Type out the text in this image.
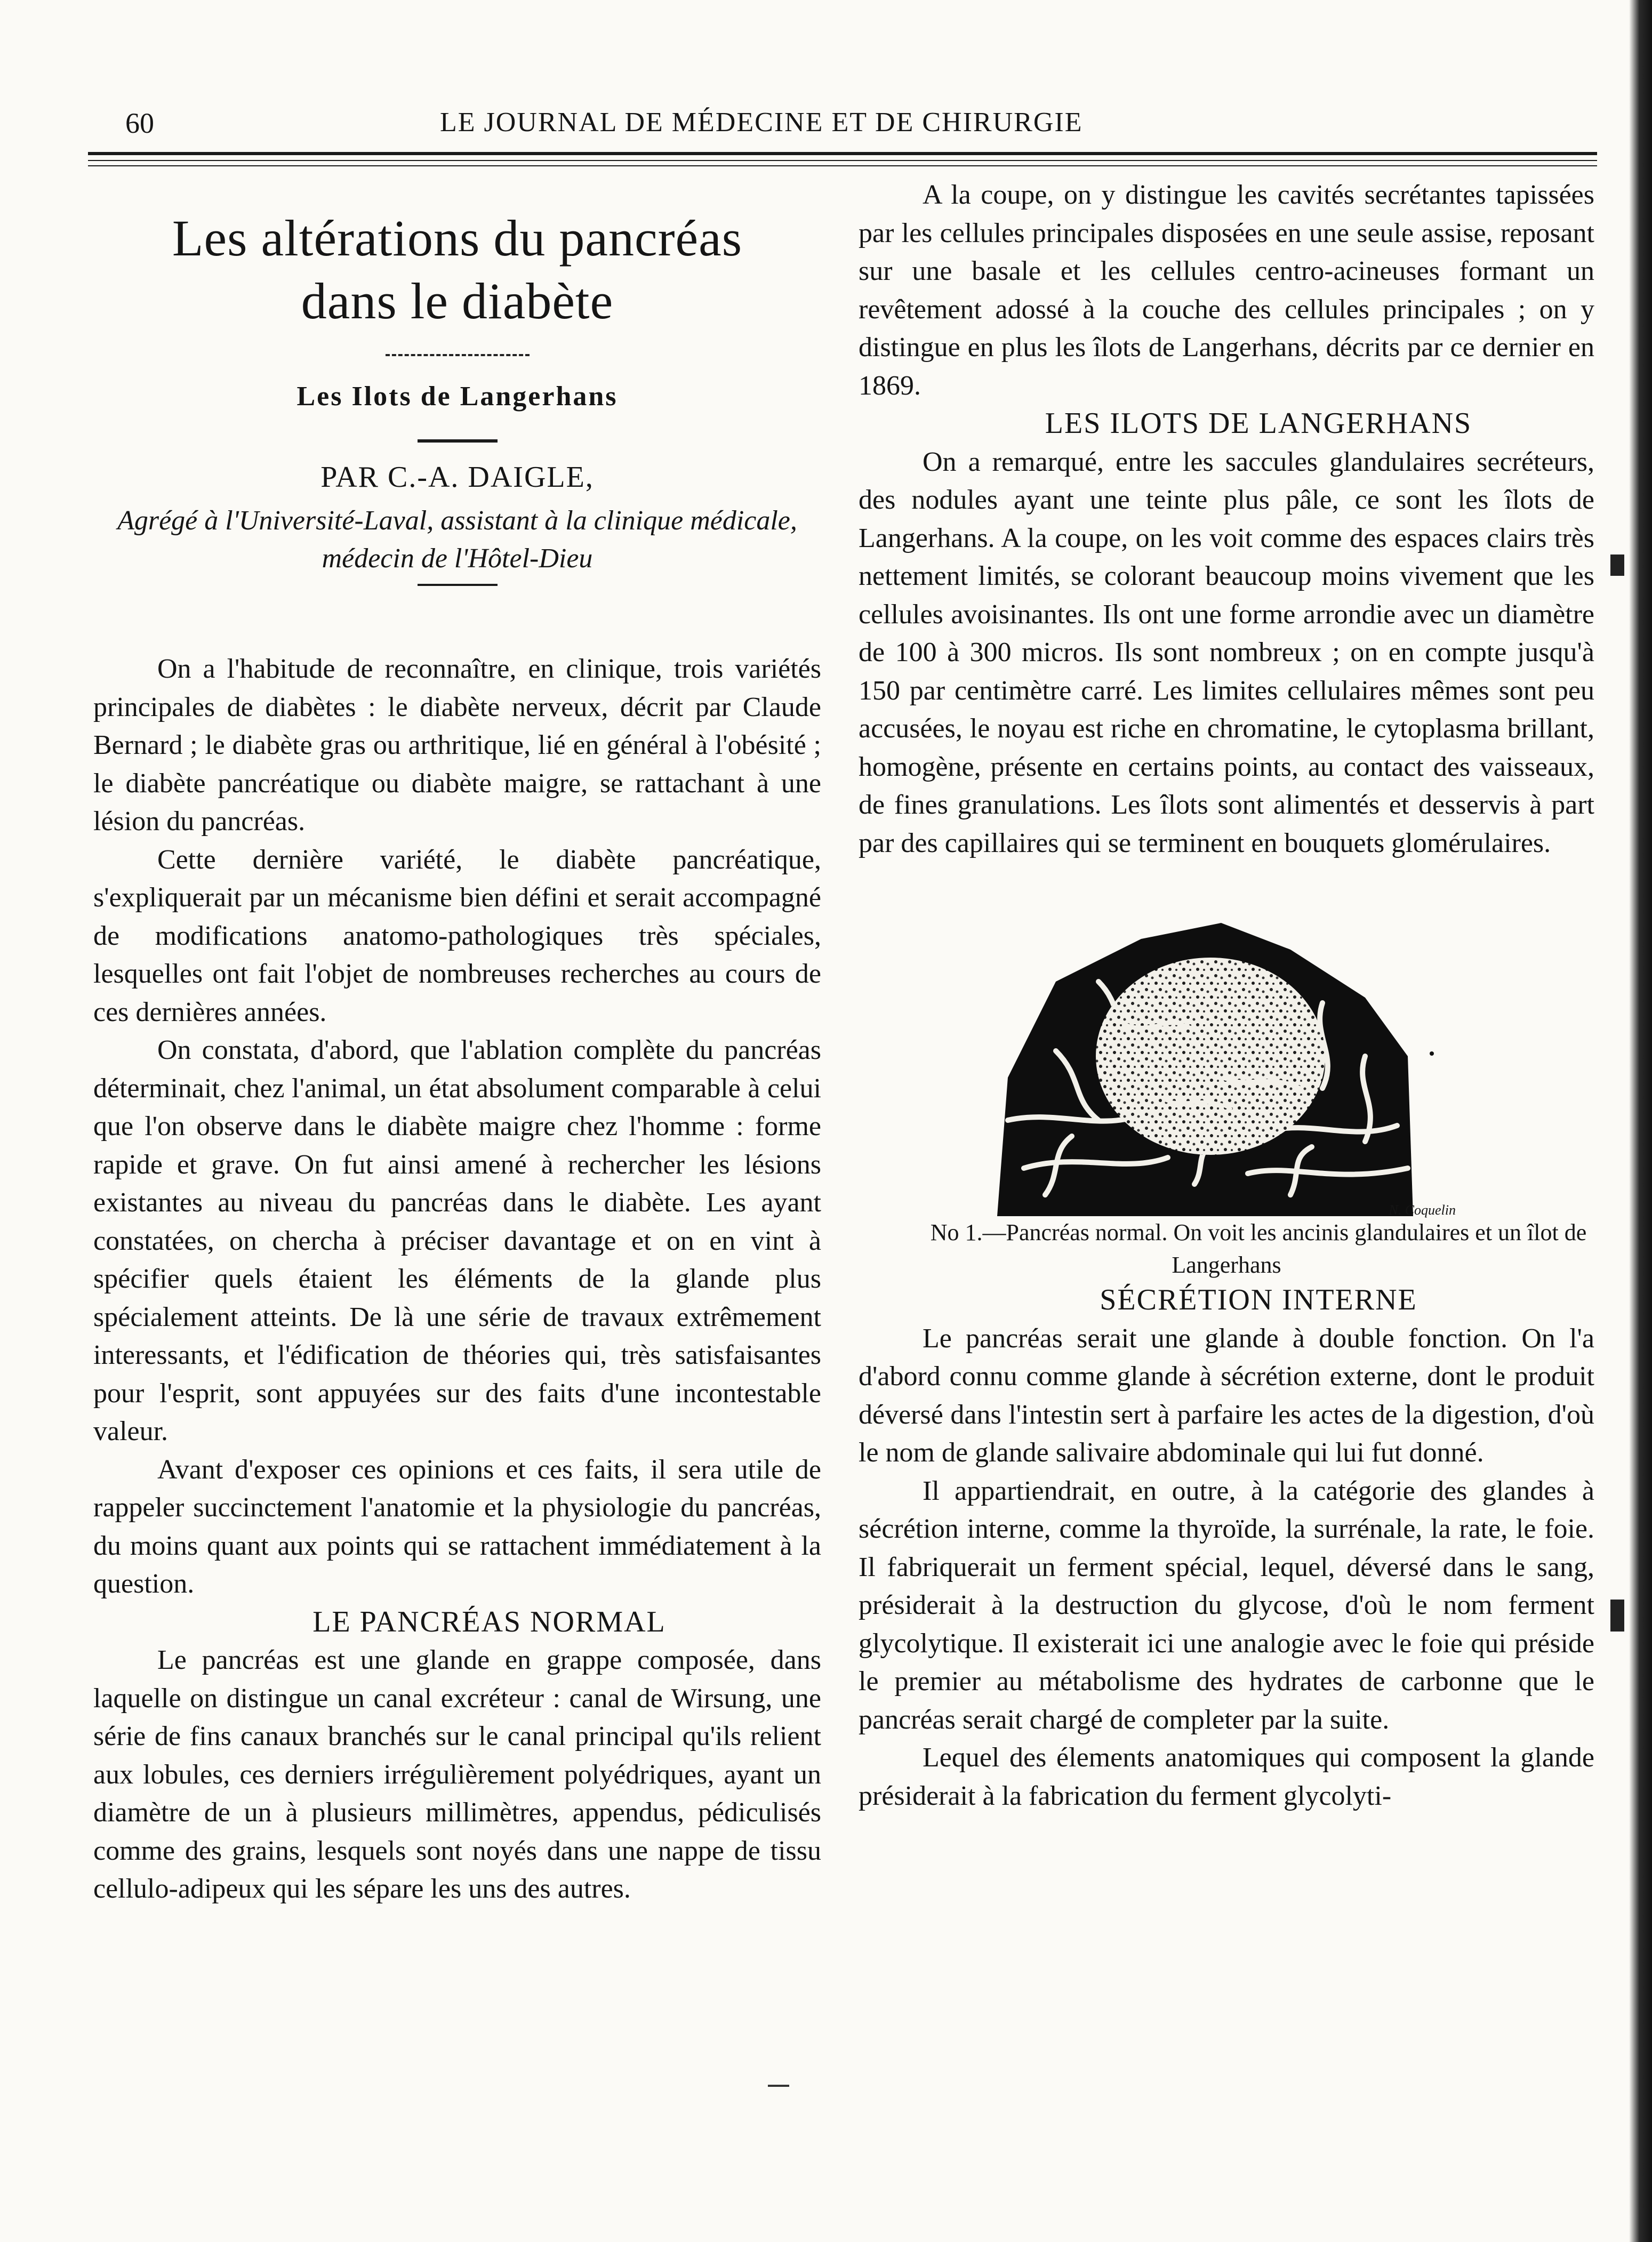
60	LE JOURNAL DE MÉDECINE ET DE CHIRURGIE
Les altérations du pancréas
dans le diabète
Les Ilots de Langerhans
PAR C.-A. DAIGLE,
Agrégé à l'Université-Laval, assistant à la clinique médicale, médecin de l'Hôtel-Dieu

On a l'habitude de reconnaître, en clinique, trois variétés principales de diabètes : le diabète nerveux, décrit par Claude Bernard ; le diabète gras ou arthritique, lié en général à l'obésité ; le diabète pancréatique ou diabète maigre, se rattachant à une lésion du pancréas.

Cette dernière variété, le diabète pancréatique, s'expliquerait par un mécanisme bien défini et serait accompagné de modifications anatomo-pathologiques très spéciales, lesquelles ont fait l'objet de nombreuses recherches au cours de ces dernières années.

On constata, d'abord, que l'ablation complète du pancréas déterminait, chez l'animal, un état absolument comparable à celui que l'on observe dans le diabète maigre chez l'homme : forme rapide et grave. On fut ainsi amené à rechercher les lésions existantes au niveau du pancréas dans le diabète. Les ayant constatées, on chercha à préciser davantage et on en vint à spécifier quels étaient les éléments de la glande plus spécialement atteints. De là une série de travaux extrêmement interessants, et l'édification de théories qui, très satisfaisantes pour l'esprit, sont appuyées sur des faits d'une incontestable valeur.

Avant d'exposer ces opinions et ces faits, il sera utile de rappeler succinctement l'anatomie et la physiologie du pancréas, du moins quant aux points qui se rattachent immédiatement à la question.

LE PANCRÉAS NORMAL

Le pancréas est une glande en grappe composée, dans laquelle on distingue un canal excréteur : canal de Wirsung, une série de fins canaux branchés sur le canal principal qu'ils relient aux lobules, ces derniers irrégulièrement polyédriques, ayant un diamètre de un à plusieurs millimètres, appendus, pédiculisés comme des grains, lesquels sont noyés dans une nappe de tissu cellulo-adipeux qui les sépare les uns des autres.

A la coupe, on y distingue les cavités secrétantes tapissées par les cellules principales disposées en une seule assise, reposant sur une basale et les cellules centro-acineuses formant un revêtement adossé à la couche des cellules principales ; on y distingue en plus les îlots de Langerhans, décrits par ce dernier en 1869.

LES ILOTS DE LANGERHANS

On a remarqué, entre les saccules glandulaires secréteurs, des nodules ayant une teinte plus pâle, ce sont les îlots de Langerhans. A la coupe, on les voit comme des espaces clairs très nettement limités, se colorant beaucoup moins vivement que les cellules avoisinantes. Ils ont une forme arrondie avec un diamètre de 100 à 300 micros. Ils sont nombreux ; on en compte jusqu'à 150 par centimètre carré. Les limites cellulaires mêmes sont peu accusées, le noyau est riche en chromatine, le cytoplasma brillant, homogène, présente en certains points, au contact des vaisseaux, de fines granulations. Les îlots sont alimentés et desservis à part par des capillaires qui se terminent en bouquets glomérulaires.

N. Coquelin

No 1.—Pancréas normal. On voit les ancinis glandulaires et un îlot de Langerhans

SÉCRÉTION INTERNE

Le pancréas serait une glande à double fonction. On l'a d'abord connu comme glande à sécrétion externe, dont le produit déversé dans l'intestin sert à parfaire les actes de la digestion, d'où le nom de glande salivaire abdominale qui lui fut donné.

Il appartiendrait, en outre, à la catégorie des glandes à sécrétion interne, comme la thyroïde, la surrénale, la rate, le foie. Il fabriquerait un ferment spécial, lequel, déversé dans le sang, présiderait à la destruction du glycose, d'où le nom ferment glycolytique. Il existerait ici une analogie avec le foie qui préside le premier au métabolisme des hydrates de carbonne que le pancréas serait chargé de completer par la suite.

Lequel des élements anatomiques qui composent la glande présiderait à la fabrication du ferment glycolyti-
